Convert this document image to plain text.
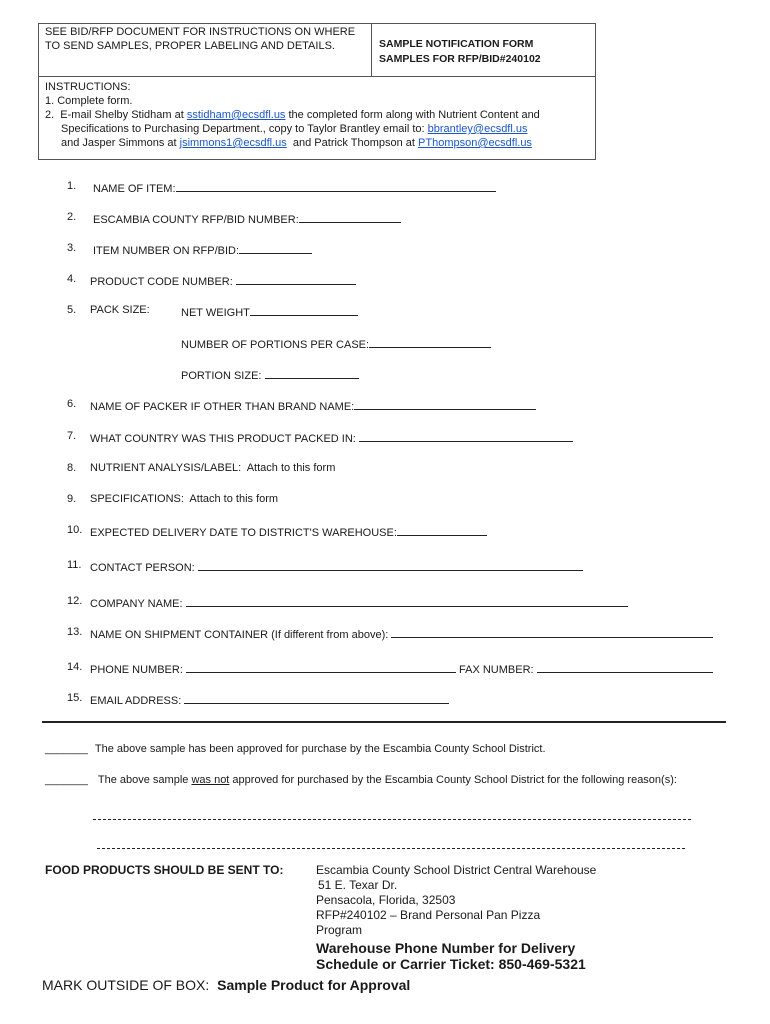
SEE BID/RFP DOCUMENT FOR INSTRUCTIONS ON WHERE
TO SEND SAMPLES, PROPER LABELING AND DETAILS.	SAMPLE NOTIFICATION FORM
SAMPLES FOR RFP/BID#240102
INSTRUCTIONS:
1. Complete form.
2.  E-mail Shelby Stidham at sstidham@ecsdfl.us the completed form along with Nutrient Content and
Specifications to Purchasing Department., copy to Taylor Brantley email to: bbrantley@ecsdfl.us
and Jasper Simmons at jsimmons1@ecsdfl.us  and Patrick Thompson at PThompson@ecsdfl.us
1. NAME OF ITEM:
2. ESCAMBIA COUNTY RFP/BID NUMBER:
3. ITEM NUMBER ON RFP/BID:
4. PRODUCT CODE NUMBER:
5. PACK SIZE:	NET WEIGHT
NUMBER OF PORTIONS PER CASE:
PORTION SIZE:
6. NAME OF PACKER IF OTHER THAN BRAND NAME:
7. WHAT COUNTRY WAS THIS PRODUCT PACKED IN:
8. NUTRIENT ANALYSIS/LABEL:  Attach to this form
9. SPECIFICATIONS:  Attach to this form
10. EXPECTED DELIVERY DATE TO DISTRICT'S WAREHOUSE:
11. CONTACT PERSON:
12. COMPANY NAME:
13. NAME ON SHIPMENT CONTAINER (If different from above):
14. PHONE NUMBER:	FAX NUMBER:
15. EMAIL ADDRESS:
_______ The above sample has been approved for purchase by the Escambia County School District.
_______ The above sample was not approved for purchased by the Escambia County School District for the following reason(s):
FOOD PRODUCTS SHOULD BE SENT TO:	Escambia County School District Central Warehouse
51 E. Texar Dr.
Pensacola, Florida, 32503
RFP#240102 – Brand Personal Pan Pizza
Program
Warehouse Phone Number for Delivery
Schedule or Carrier Ticket: 850-469-5321
MARK OUTSIDE OF BOX: Sample Product for Approval
